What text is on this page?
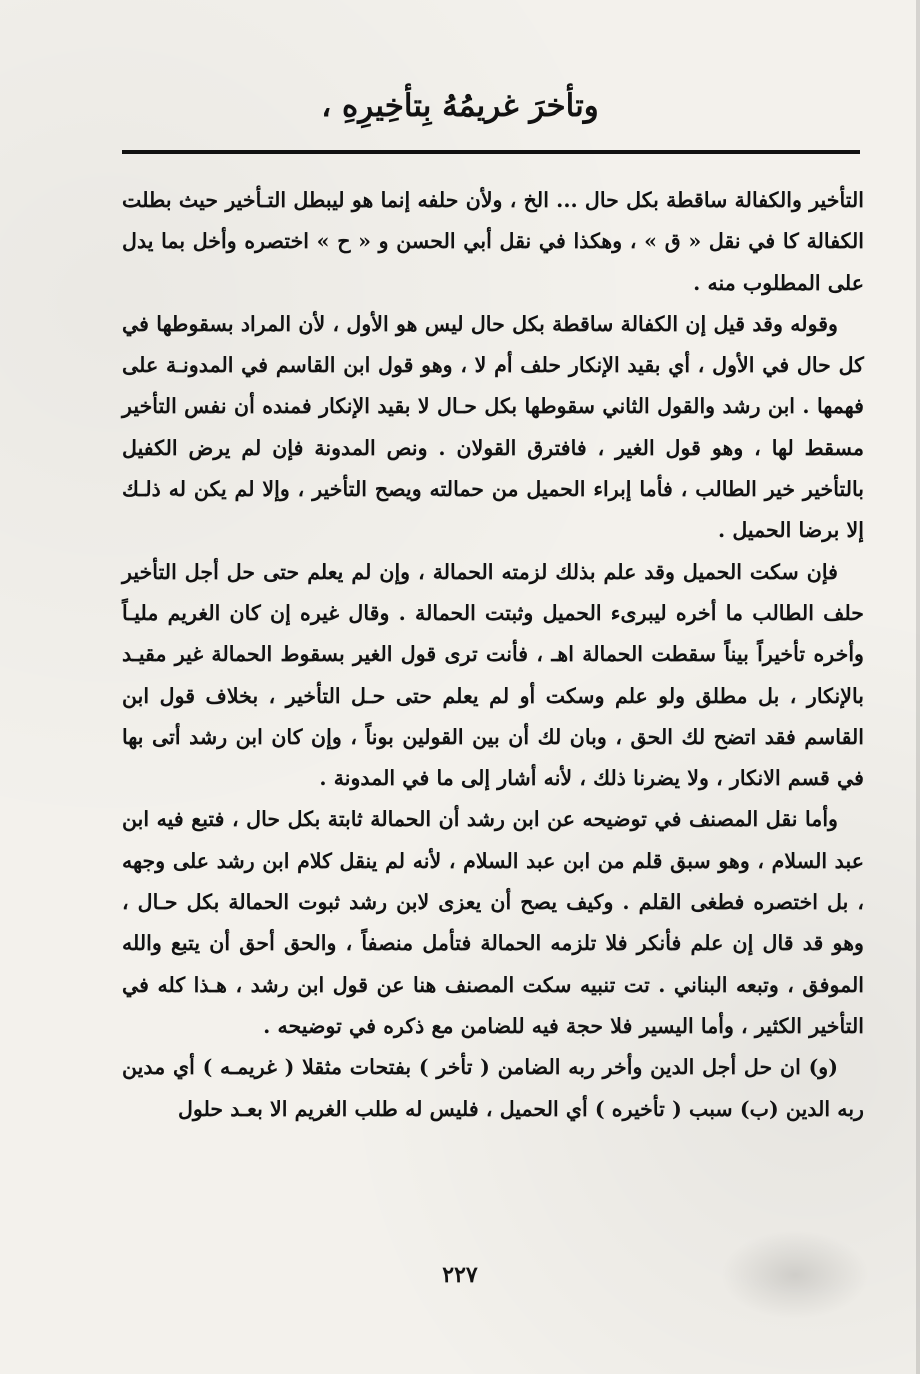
وتأخرَ غريمُهُ بِتأخِيرِهِ ،

التأخير والكفالة ساقطة بكل حال ... الخ ، ولأن حلفه إنما هو ليبطل التـأخير حيث بطلت الكفالة كا في نقل « ق » ، وهكذا في نقل أبي الحسن و « ح » اختصره وأخل بما يدل على المطلوب منه .

وقوله وقد قيل إن الكفالة ساقطة بكل حال ليس هو الأول ، لأن المراد بسقوطها في كل حال في الأول ، أي بقيد الإنكار حلف أم لا ، وهو قول ابن القاسم في المدونـة على فهمها . ابن رشد والقول الثاني سقوطها بكل حـال لا بقيد الإنكار فمنده أن نفس التأخير مسقط لها ، وهو قول الغير ، فافترق القولان . ونص المدونة فإن لم يرض الكفيل بالتأخير خير الطالب ، فأما إبراء الحميل من حمالته ويصح التأخير ، وإلا لم يكن له ذلـك إلا برضا الحميل .

فإن سكت الحميل وقد علم بذلك لزمته الحمالة ، وإن لم يعلم حتى حل أجل التأخير حلف الطالب ما أخره ليبرىء الحميل وثبتت الحمالة . وقال غيره إن كان الغريم مليـاً وأخره تأخيراً بيناً سقطت الحمالة اهـ ، فأنت ترى قول الغير بسقوط الحمالة غير مقيـد بالإنكار ، بل مطلق ولو علم وسكت أو لم يعلم حتى حـل التأخير ، بخلاف قول ابن القاسم فقد اتضح لك الحق ، وبان لك أن بين القولين بوناً ، وإن كان ابن رشد أتى بها في قسم الانكار ، ولا يضرنا ذلك ، لأنه أشار إلى ما في المدونة .

وأما نقل المصنف في توضيحه عن ابن رشد أن الحمالة ثابتة بكل حال ، فتبع فيه ابن عبد السلام ، وهو سبق قلم من ابن عبد السلام ، لأنه لم ينقل كلام ابن رشد على وجهه ، بل اختصره فطغى القلم . وكيف يصح أن يعزى لابن رشد ثبوت الحمالة بكل حـال ، وهو قد قال إن علم فأنكر فلا تلزمه الحمالة فتأمل منصفاً ، والحق أحق أن يتبع والله الموفق ، وتبعه البناني . تت تنبيه سكت المصنف هنا عن قول ابن رشد ، هـذا كله في التأخير الكثير ، وأما اليسير فلا حجة فيه للضامن مع ذكره في توضيحه .

(و) ان حل أجل الدين وأخر ربه الضامن ( تأخر ) بفتحات مثقلا ( غريمـه ) أي مدين ربه الدين (ب) سبب ( تأخيره ) أي الحميل ، فليس له طلب الغريم الا بعـد حلول

٢٢٧
